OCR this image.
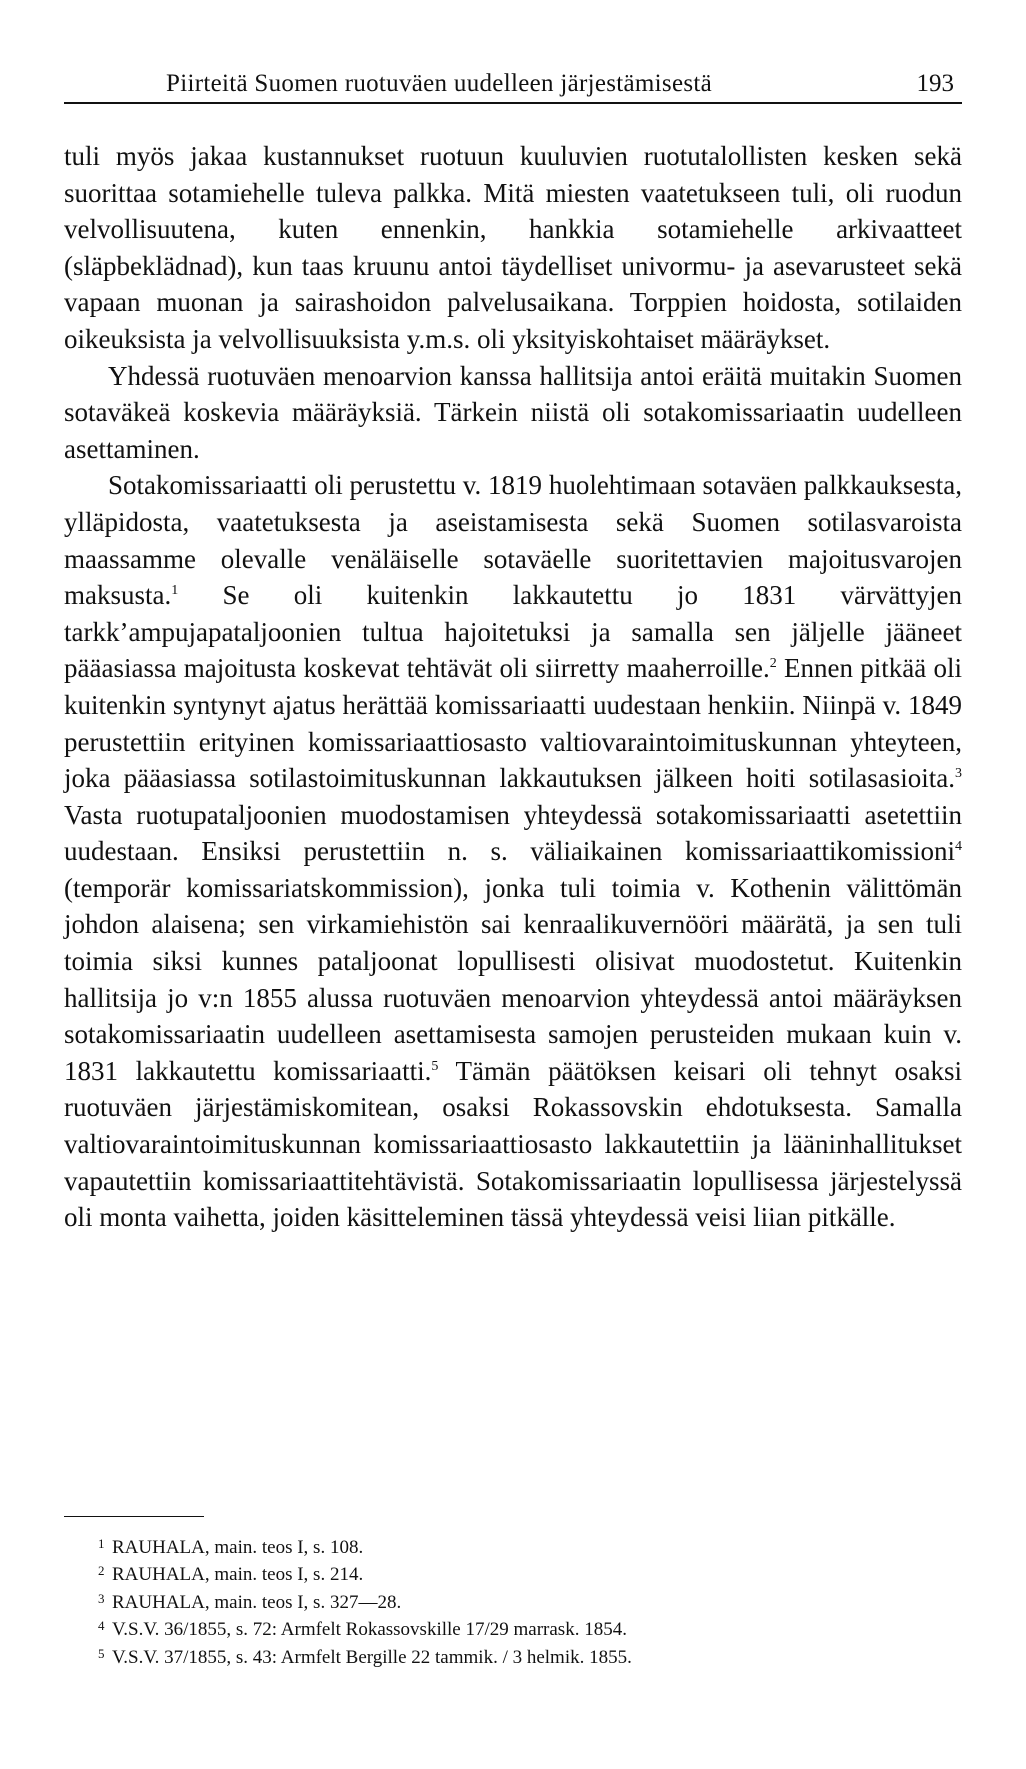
Piirteitä Suomen ruotuväen uudelleen järjestämisestä	193

tuli myös jakaa kustannukset ruotuun kuuluvien ruotutalollisten kesken sekä suorittaa sotamiehelle tuleva palkka. Mitä miesten vaatetukseen tuli, oli ruodun velvollisuutena, kuten ennenkin, hankkia sotamiehelle arkivaatteet (släpbeklädnad), kun taas kruunu antoi täydelliset univormu- ja asevarusteet sekä vapaan muonan ja sairashoidon palvelusaikana. Torppien hoidosta, sotilaiden oikeuksista ja velvollisuuksista y.m.s. oli yksityiskohtaiset määräykset.

Yhdessä ruotuväen menoarvion kanssa hallitsija antoi eräitä muitakin Suomen sotaväkeä koskevia määräyksiä. Tärkein niistä oli sotakomissariaatin uudelleen asettaminen.

Sotakomissariaatti oli perustettu v. 1819 huolehtimaan sotaväen palkkauksesta, ylläpidosta, vaatetuksesta ja aseistamisesta sekä Suomen sotilasvaroista maassamme olevalle venäläiselle sotaväelle suoritettavien majoitusvarojen maksusta.$^1$ Se oli kuitenkin lakkautettu jo 1831 värvättyjen tarkk’ampujapataljoonien tultua hajoitetuksi ja samalla sen jäljelle jääneet pääasiassa majoitusta koskevat tehtävät oli siirretty maaherroille.$^2$ Ennen pitkää oli kuitenkin syntynyt ajatus herättää komissariaatti uudestaan henkiin. Niinpä v. 1849 perustettiin erityinen komissariaattiosasto valtiovaraintoimituskunnan yhteyteen, joka pääasiassa sotilastoimituskunnan lakkautuksen jälkeen hoiti sotilasasioita.$^3$ Vasta ruotupataljoonien muodostamisen yhteydessä sotakomissariaatti asetettiin uudestaan. Ensiksi perustettiin n. s. väliaikainen komissariaattikomissioni$^4$ (temporär komissariatskommission), jonka tuli toimia v. Kothenin välittömän johdon alaisena; sen virkamiehistön sai kenraalikuvernööri määrätä, ja sen tuli toimia siksi kunnes pataljoonat lopullisesti olisivat muodostetut. Kuitenkin hallitsija jo v:n 1855 alussa ruotuväen menoarvion yhteydessä antoi määräyksen sotakomissariaatin uudelleen asettamisesta samojen perusteiden mukaan kuin v. 1831 lakkautettu komissariaatti.$^5$ Tämän päätöksen keisari oli tehnyt osaksi ruotuväen järjestämiskomitean, osaksi Rokassovskin ehdotuksesta. Samalla valtiovaraintoimituskunnan komissariaattiosasto lakkautettiin ja lääninhallitukset vapautettiin komissariaattitehtävistä. Sotakomissariaatin lopullisessa järjestelyssä oli monta vaihetta, joiden käsitteleminen tässä yhteydessä veisi liian pitkälle.

1 RAUHALA, main. teos I, s. 108.
2 RAUHALA, main. teos I, s. 214.
3 RAUHALA, main. teos I, s. 327—28.
4 V.S.V. 36/1855, s. 72: Armfelt Rokassovskille 17/29 marrask. 1854.
5 V.S.V. 37/1855, s. 43: Armfelt Bergille 22 tammik. / 3 helmik. 1855.
